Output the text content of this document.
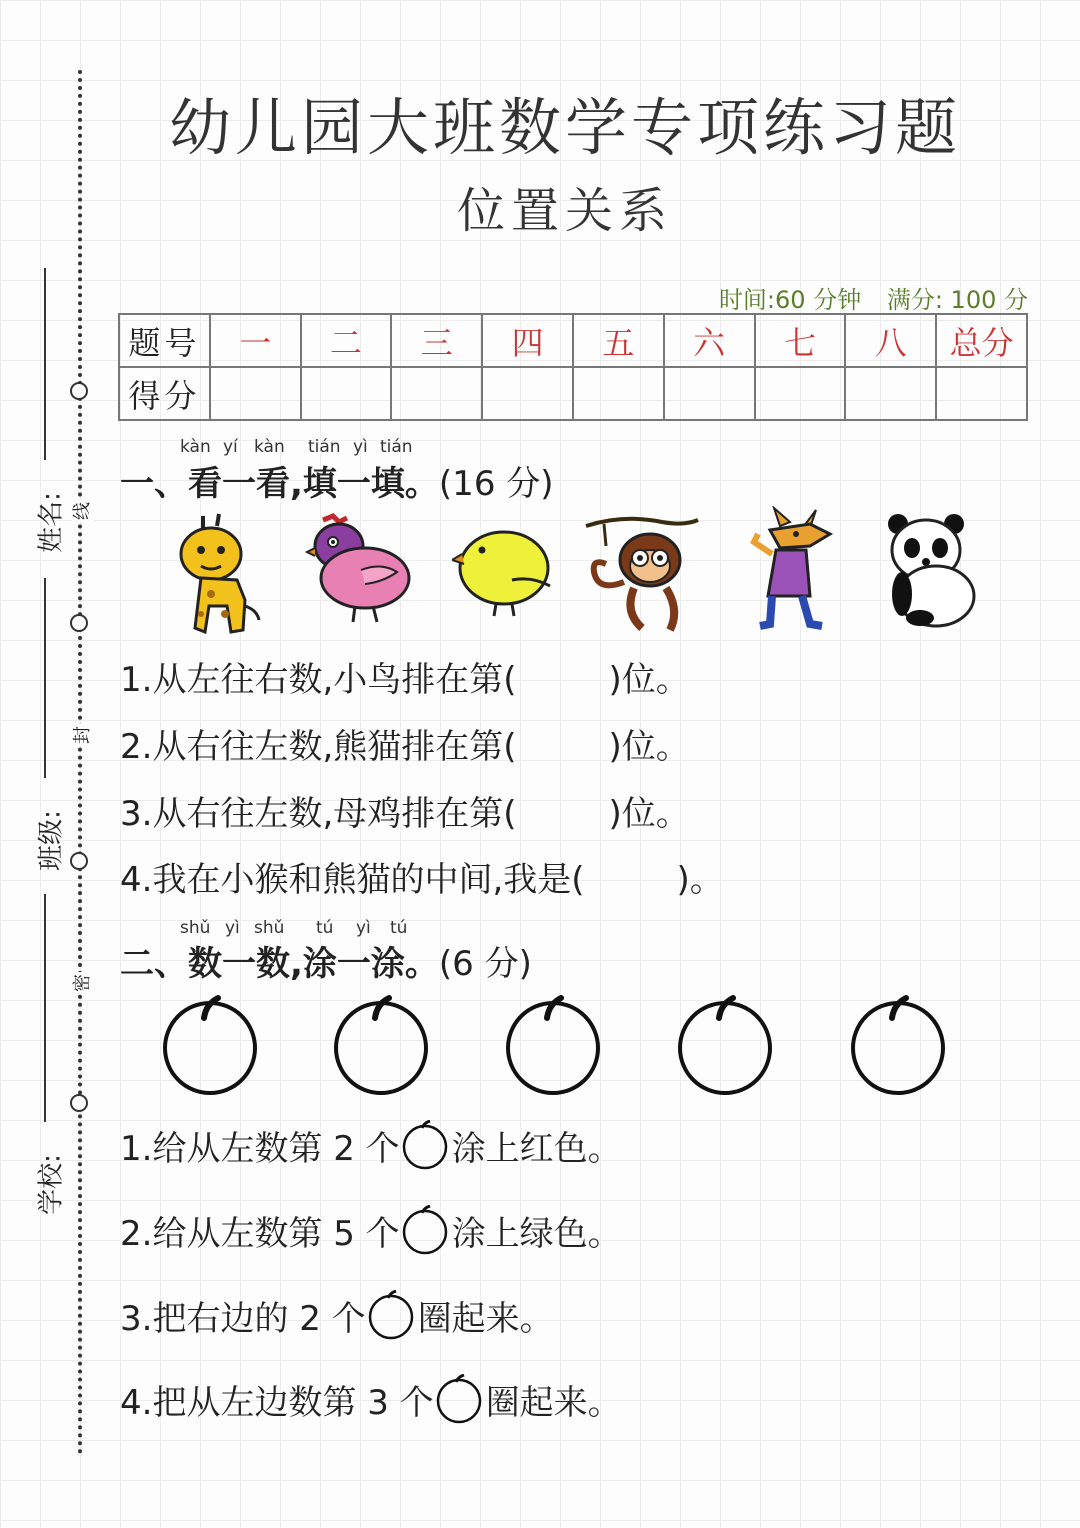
线
封
密
姓名:
班级:
学校:
幼儿园大班数学专项练习题
位置关系
时间:60 分钟 满分: 100 分
题号	一	二	三	四	五	六	七	八	总分
得分									
kàn yí kàn tián yì tián
一、看一看,填一填。(16 分)
1.从左往右数,小鸟排在第(	)位。
2.从右往左数,熊猫排在第(	)位。
3.从右往左数,母鸡排在第(	)位。
4.我在小猴和熊猫的中间,我是(	)。
shǔ yì shǔ tú yì tú
二、数一数,涂一涂。(6 分)
1.给从左数第 2 个 涂上红色。
2.给从左数第 5 个 涂上绿色。
3.把右边的 2 个 圈起来。
4.把从左边数第 3 个 圈起来。
